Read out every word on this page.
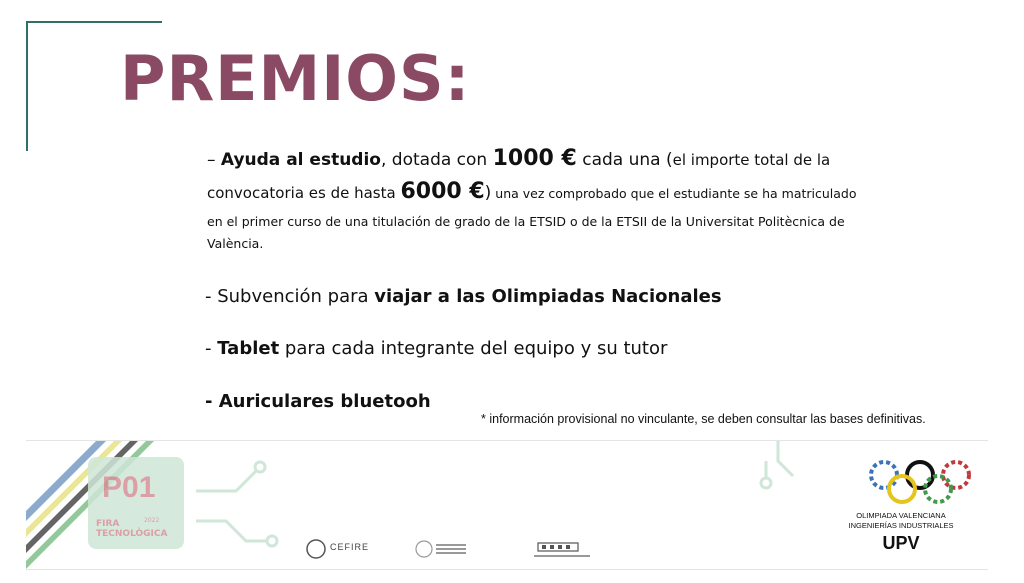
PREMIOS:
– Ayuda al estudio, dotada con 1000 € cada una (el importe total de la
convocatoria es de hasta 6000 €) una vez comprobado que el estudiante se ha matriculado
en el primer curso de una titulación de grado de la ETSID o de la ETSII de la Universitat Politècnica de
València.
- Subvención para viajar a las Olimpiadas Nacionales
- Tablet para cada integrante del equipo y su tutor
- Auriculares bluetooh
* información provisional no vinculante, se deben consultar las bases definitivas.
P01
FIRA TECNOLÒGICA
2022
CEFIRE
OLIMPIADA VALENCIANA
INGENIERÍAS INDUSTRIALES
UPV
